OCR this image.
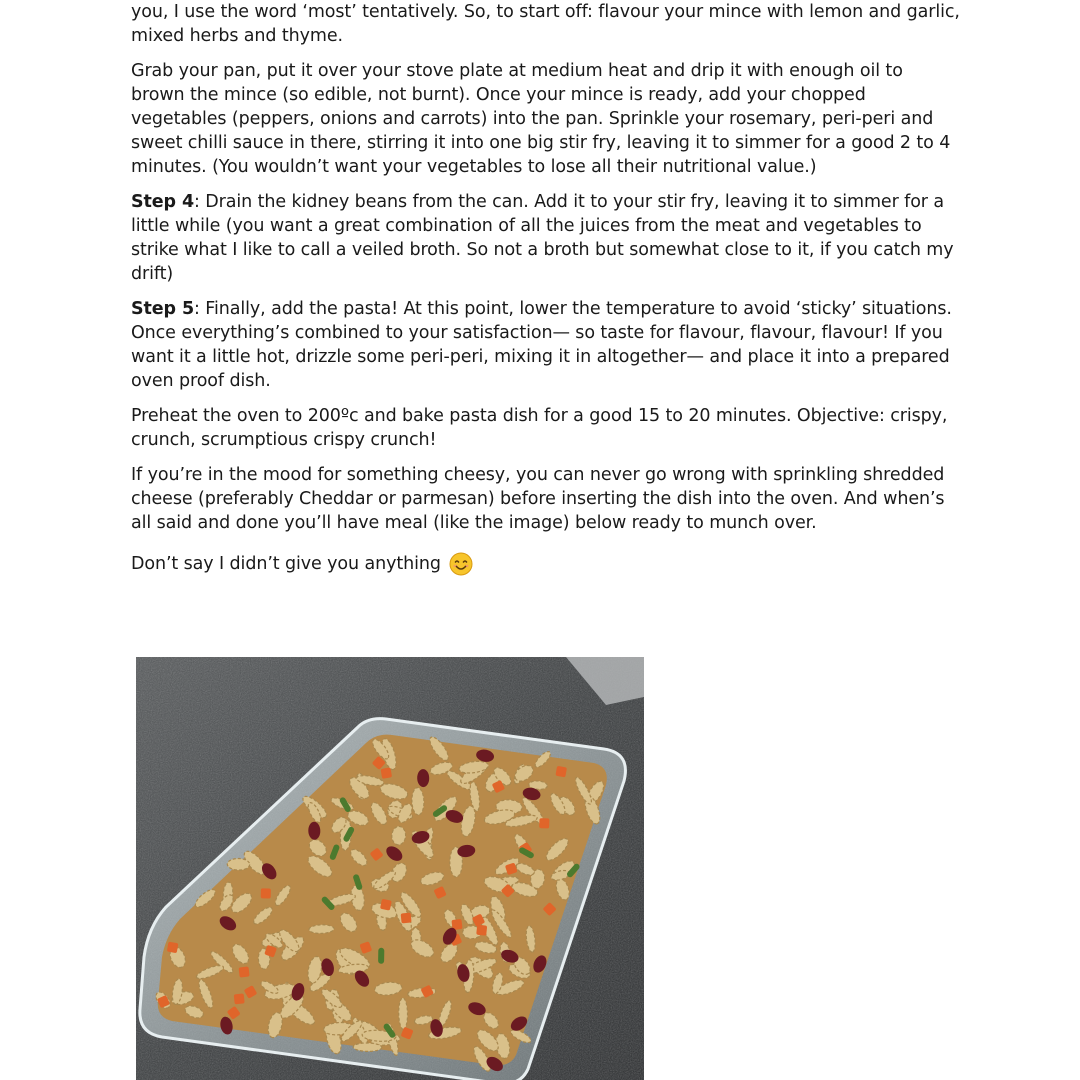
you, I use the word ‘most’ tentatively. So, to start off: flavour your mince with lemon and garlic, mixed herbs and thyme.

Grab your pan, put it over your stove plate at medium heat and drip it with enough oil to brown the mince (so edible, not burnt). Once your mince is ready, add your chopped vegetables (peppers, onions and carrots) into the pan. Sprinkle your rosemary, peri-peri and sweet chilli sauce in there, stirring it into one big stir fry, leaving it to simmer for a good 2 to 4 minutes. (You wouldn’t want your vegetables to lose all their nutritional value.)

Step 4: Drain the kidney beans from the can. Add it to your stir fry, leaving it to simmer for a little while (you want a great combination of all the juices from the meat and vegetables to strike what I like to call a veiled broth. So not a broth but somewhat close to it, if you catch my drift)

Step 5: Finally, add the pasta! At this point, lower the temperature to avoid ‘sticky’ situations. Once everything’s combined to your satisfaction— so taste for flavour, flavour, flavour! If you want it a little hot, drizzle some peri-peri, mixing it in altogether— and place it into a prepared oven proof dish.

Preheat the oven to 200ºc and bake pasta dish for a good 15 to 20 minutes. Objective: crispy, crunch, scrumptious crispy crunch!

If you’re in the mood for something cheesy, you can never go wrong with sprinkling shredded cheese (preferably Cheddar or parmesan) before inserting the dish into the oven. And when’s all said and done you’ll have meal (like the image) below ready to munch over.

Don’t say I didn’t give you anything
